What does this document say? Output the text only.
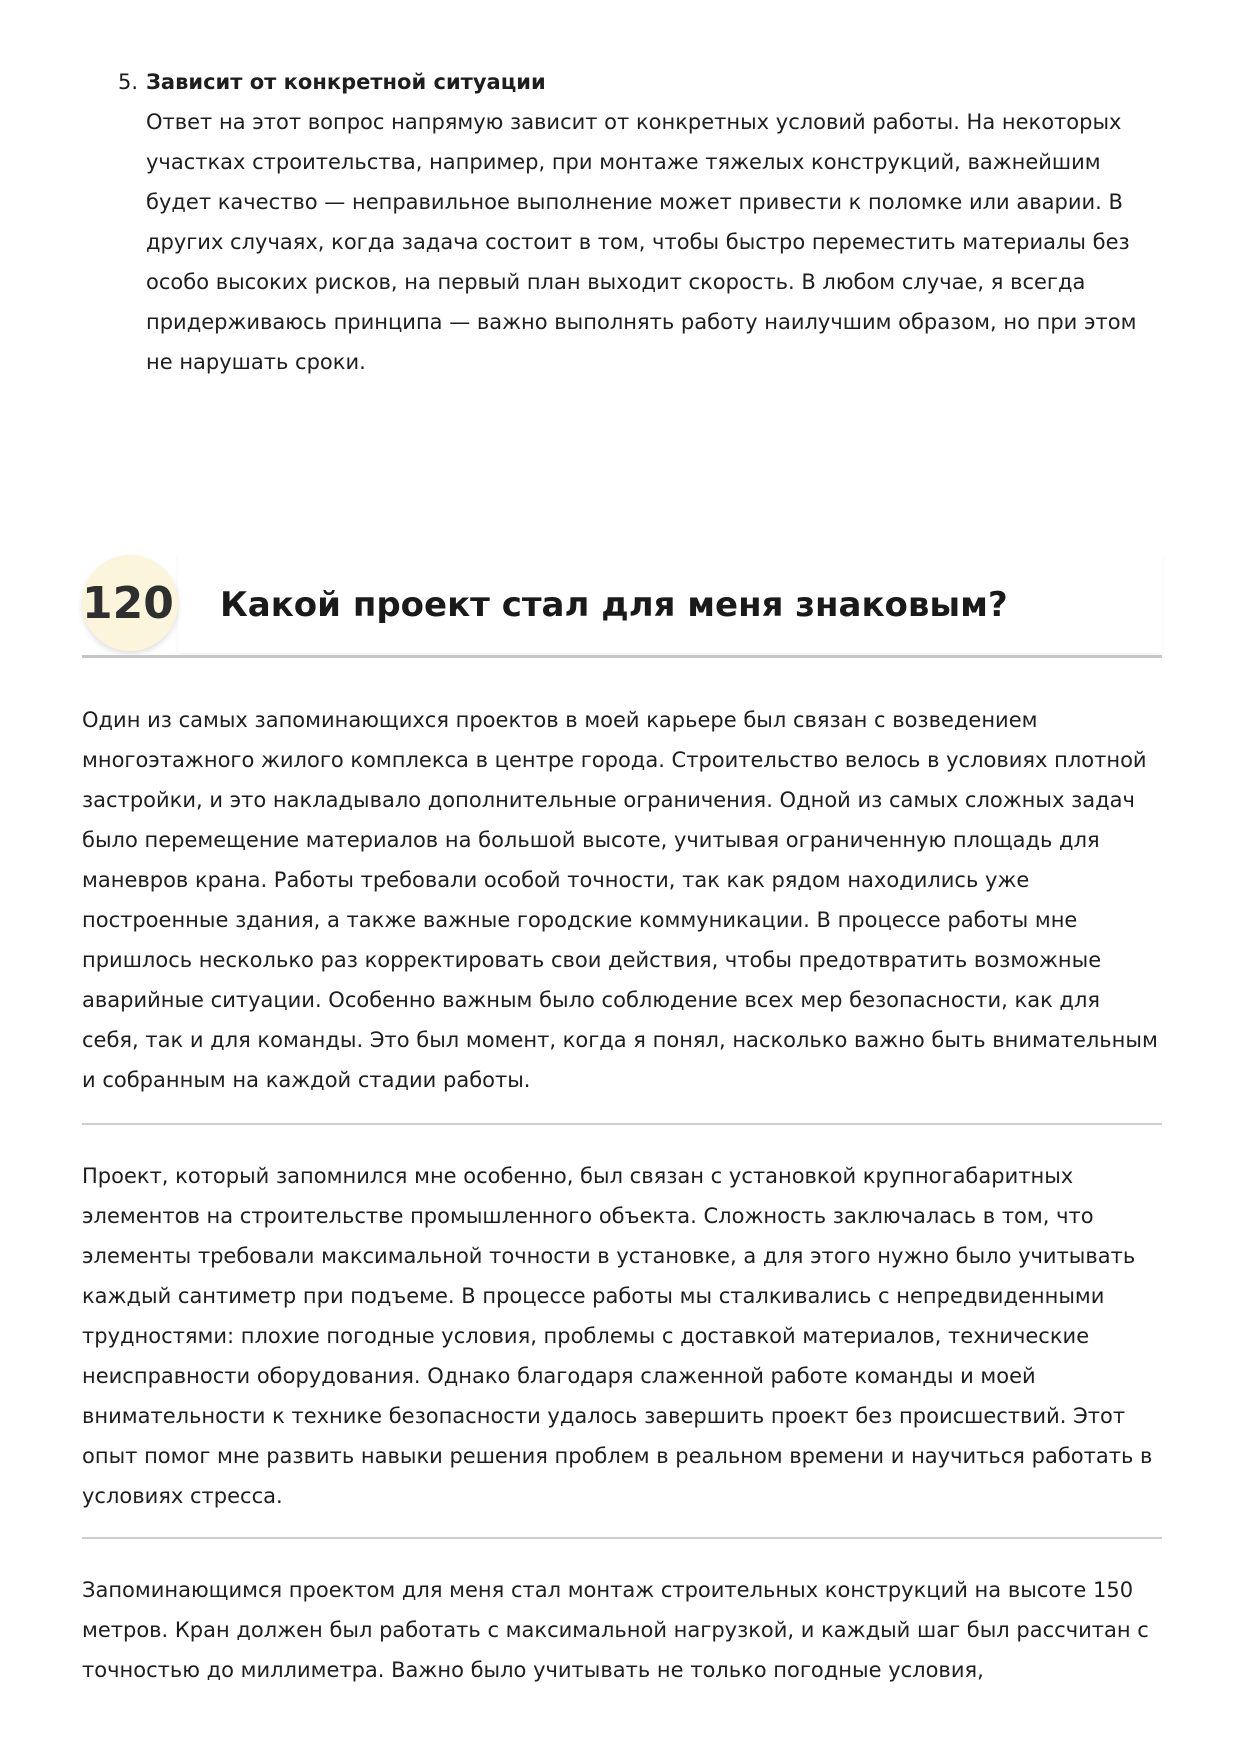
5. Зависит от конкретной ситуации

Ответ на этот вопрос напрямую зависит от конкретных условий работы. На некоторых участках строительства, например, при монтаже тяжелых конструкций, важнейшим будет качество — неправильное выполнение может привести к поломке или аварии. В других случаях, когда задача состоит в том, чтобы быстро переместить материалы без особо высоких рисков, на первый план выходит скорость. В любом случае, я всегда придерживаюсь принципа — важно выполнять работу наилучшим образом, но при этом не нарушать сроки.

120 Какой проект стал для меня знаковым?

Один из самых запоминающихся проектов в моей карьере был связан с возведением многоэтажного жилого комплекса в центре города. Строительство велось в условиях плотной застройки, и это накладывало дополнительные ограничения. Одной из самых сложных задач было перемещение материалов на большой высоте, учитывая ограниченную площадь для маневров крана. Работы требовали особой точности, так как рядом находились уже построенные здания, а также важные городские коммуникации. В процессе работы мне пришлось несколько раз корректировать свои действия, чтобы предотвратить возможные аварийные ситуации. Особенно важным было соблюдение всех мер безопасности, как для себя, так и для команды. Это был момент, когда я понял, насколько важно быть внимательным и собранным на каждой стадии работы.

Проект, который запомнился мне особенно, был связан с установкой крупногабаритных элементов на строительстве промышленного объекта. Сложность заключалась в том, что элементы требовали максимальной точности в установке, а для этого нужно было учитывать каждый сантиметр при подъеме. В процессе работы мы сталкивались с непредвиденными трудностями: плохие погодные условия, проблемы с доставкой материалов, технические неисправности оборудования. Однако благодаря слаженной работе команды и моей внимательности к технике безопасности удалось завершить проект без происшествий. Этот опыт помог мне развить навыки решения проблем в реальном времени и научиться работать в условиях стресса.

Запоминающимся проектом для меня стал монтаж строительных конструкций на высоте 150 метров. Кран должен был работать с максимальной нагрузкой, и каждый шаг был рассчитан с точностью до миллиметра. Важно было учитывать не только погодные условия,
